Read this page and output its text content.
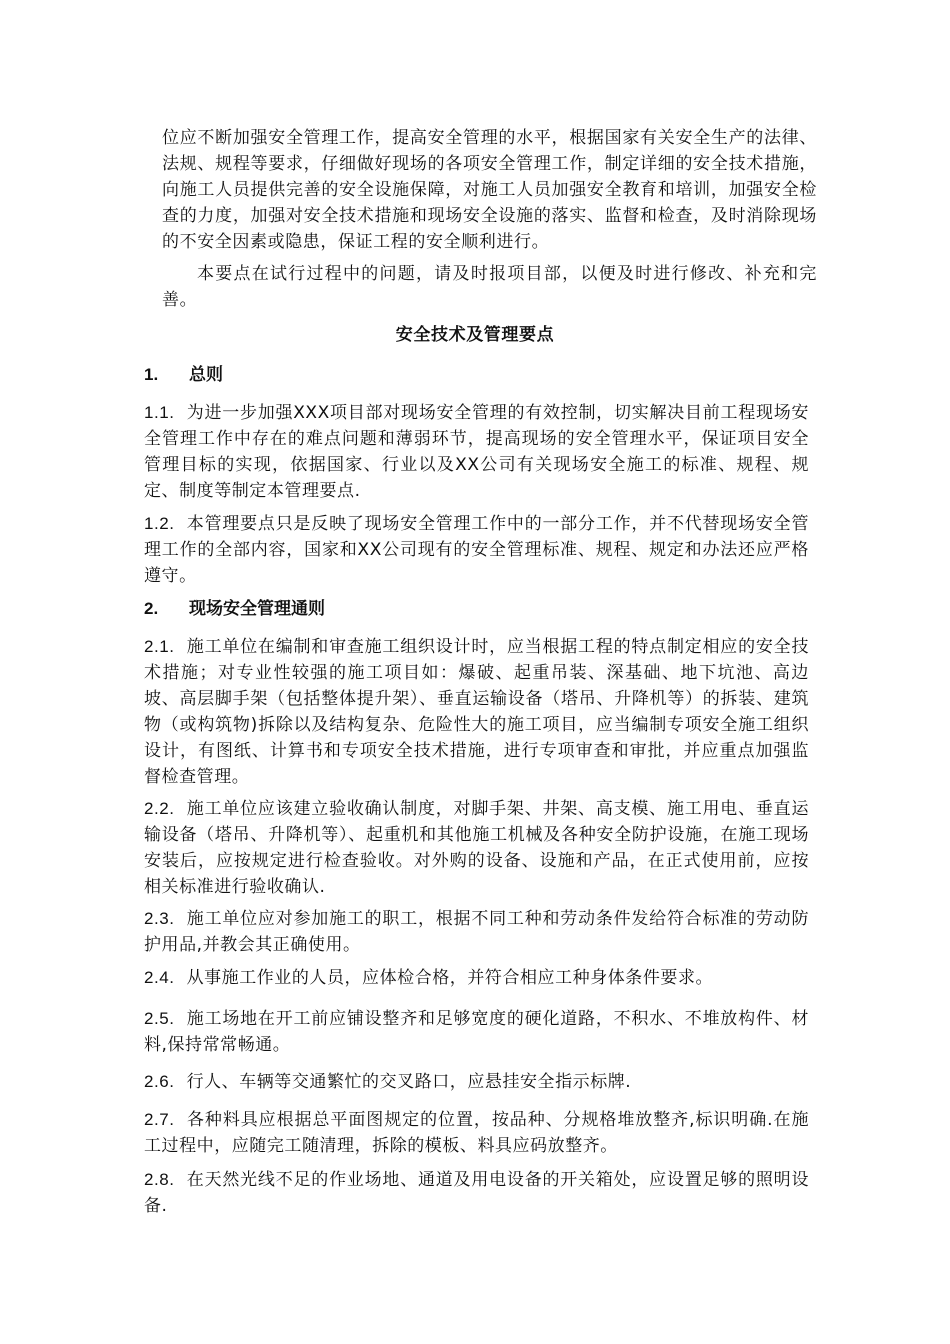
位应不断加强安全管理工作，提高安全管理的水平，根据国家有关安全生产的法律、法规、规程等要求，仔细做好现场的各项安全管理工作，制定详细的安全技术措施，向施工人员提供完善的安全设施保障，对施工人员加强安全教育和培训，加强安全检查的力度，加强对安全技术措施和现场安全设施的落实、监督和检查，及时消除现场的不安全因素或隐患，保证工程的安全顺利进行。

本要点在试行过程中的问题，请及时报项目部，以便及时进行修改、补充和完善。

安全技术及管理要点
1. 总则

1.1. 为进一步加强XXX项目部对现场安全管理的有效控制，切实解决目前工程现场安全管理工作中存在的难点问题和薄弱环节，提高现场的安全管理水平，保证项目安全管理目标的实现，依据国家、行业以及XX公司有关现场安全施工的标准、规程、规定、制度等制定本管理要点.

1.2. 本管理要点只是反映了现场安全管理工作中的一部分工作，并不代替现场安全管理工作的全部内容，国家和XX公司现有的安全管理标准、规程、规定和办法还应严格遵守。

2. 现场安全管理通则

2.1. 施工单位在编制和审查施工组织设计时，应当根据工程的特点制定相应的安全技术措施；对专业性较强的施工项目如：爆破、起重吊装、深基础、地下坑池、高边坡、高层脚手架（包括整体提升架）、垂直运输设备（塔吊、升降机等）的拆装、建筑物（或构筑物)拆除以及结构复杂、危险性大的施工项目，应当编制专项安全施工组织设计，有图纸、计算书和专项安全技术措施，进行专项审查和审批，并应重点加强监督检查管理。

2.2. 施工单位应该建立验收确认制度，对脚手架、井架、高支模、施工用电、垂直运输设备（塔吊、升降机等）、起重机和其他施工机械及各种安全防护设施，在施工现场安装后，应按规定进行检查验收。对外购的设备、设施和产品，在正式使用前，应按相关标准进行验收确认.

2.3. 施工单位应对参加施工的职工，根据不同工种和劳动条件发给符合标准的劳动防护用品,并教会其正确使用。

2.4. 从事施工作业的人员，应体检合格，并符合相应工种身体条件要求。

2.5. 施工场地在开工前应铺设整齐和足够宽度的硬化道路，不积水、不堆放构件、材料,保持常常畅通。

2.6. 行人、车辆等交通繁忙的交叉路口，应悬挂安全指示标牌.

2.7. 各种料具应根据总平面图规定的位置，按品种、分规格堆放整齐,标识明确.在施工过程中，应随完工随清理，拆除的模板、料具应码放整齐。

2.8. 在天然光线不足的作业场地、通道及用电设备的开关箱处，应设置足够的照明设备.
